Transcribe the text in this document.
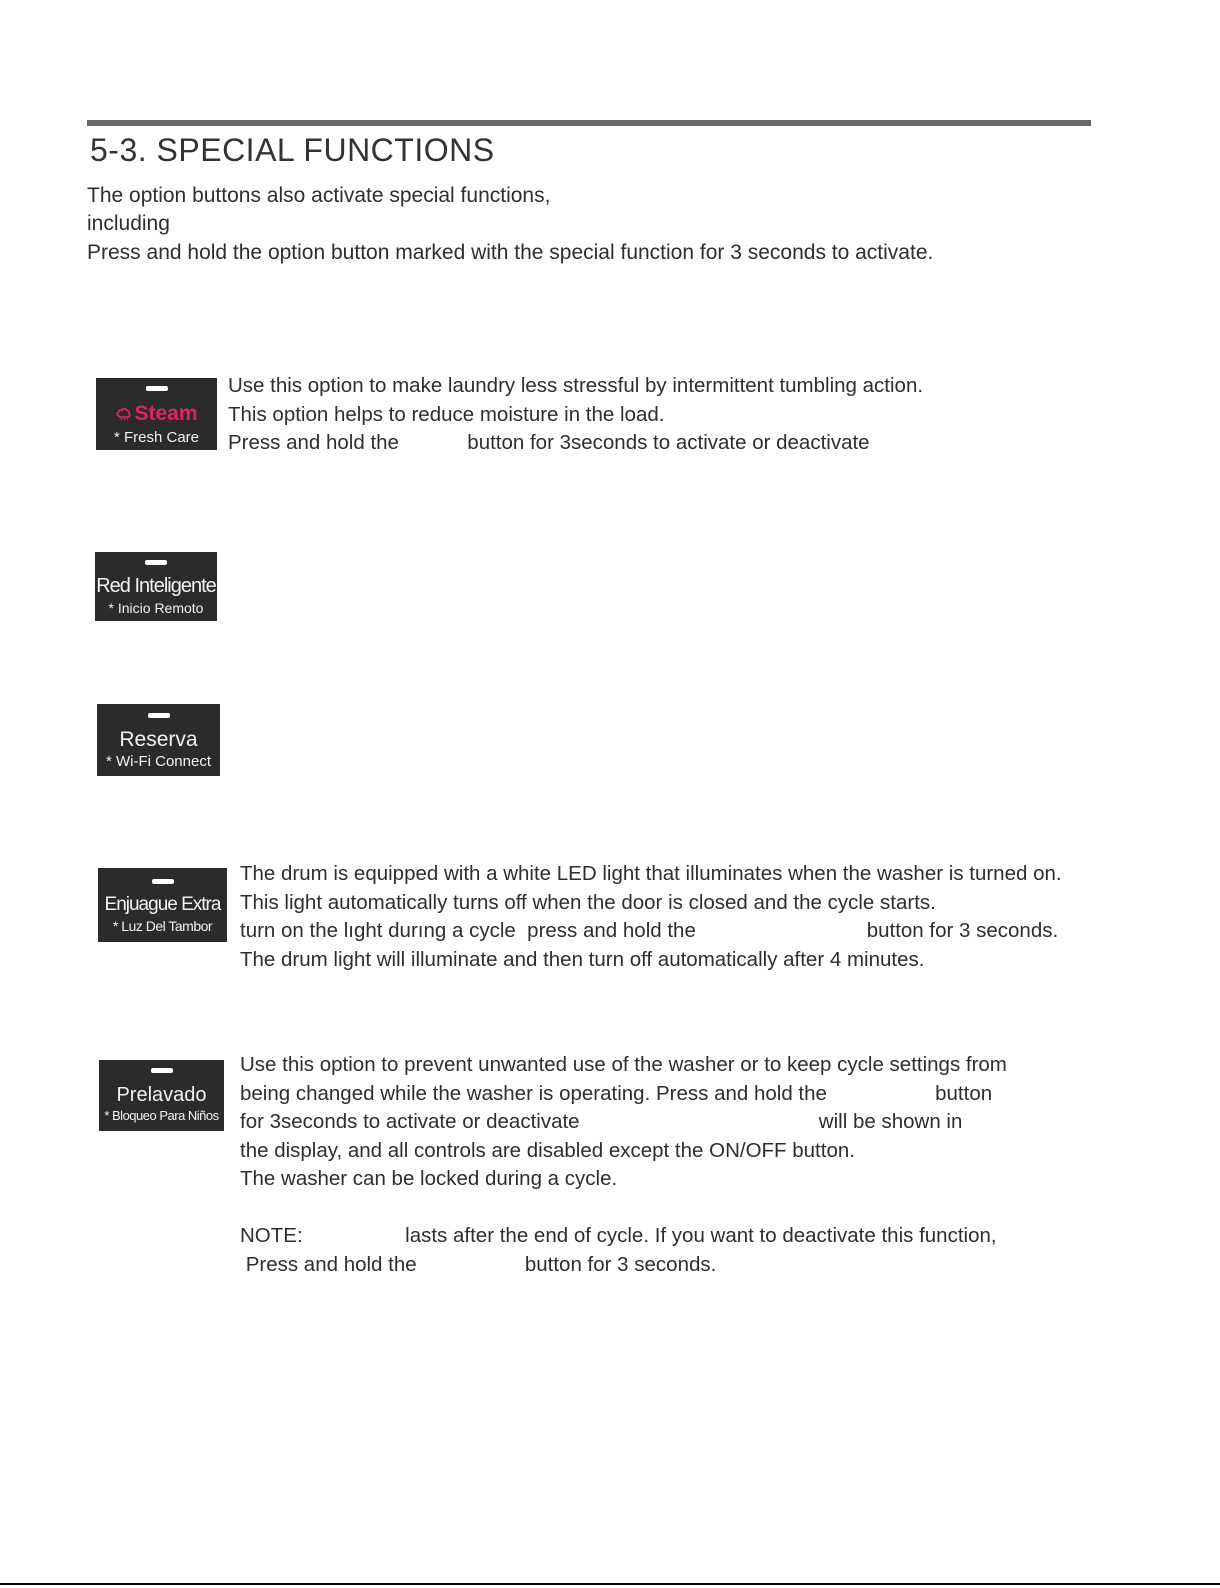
5-3. SPECIAL FUNCTIONS
The option buttons also activate special functions,
including
Press and hold the option button marked with the special function for 3 seconds to activate.
Steam
* Fresh Care
Use this option to make laundry less stressful by intermittent tumbling action.
This option helps to reduce moisture in the load.
Press and hold the            button for 3seconds to activate or deactivate
Red Inteligente
* Inicio Remoto
Reserva
* Wi-Fi Connect
Enjuague Extra
* Luz Del Tambor
The drum is equipped with a white LED light that illuminates when the washer is turned on.
This light automatically turns off when the door is closed and the cycle starts.
turn on the lıght durıng a cycle  press and hold the                              button for 3 seconds.
The drum light will illuminate and then turn off automatically after 4 minutes.
Prelavado
* Bloqueo Para Niños
Use this option to prevent unwanted use of the washer or to keep cycle settings from
being changed while the washer is operating. Press and hold the                   button
for 3seconds to activate or deactivate                                          will be shown in
the display, and all controls are disabled except the ON/OFF button.
The washer can be locked during a cycle.
NOTE:                  lasts after the end of cycle. If you want to deactivate this function,
Press and hold the                   button for 3 seconds.
